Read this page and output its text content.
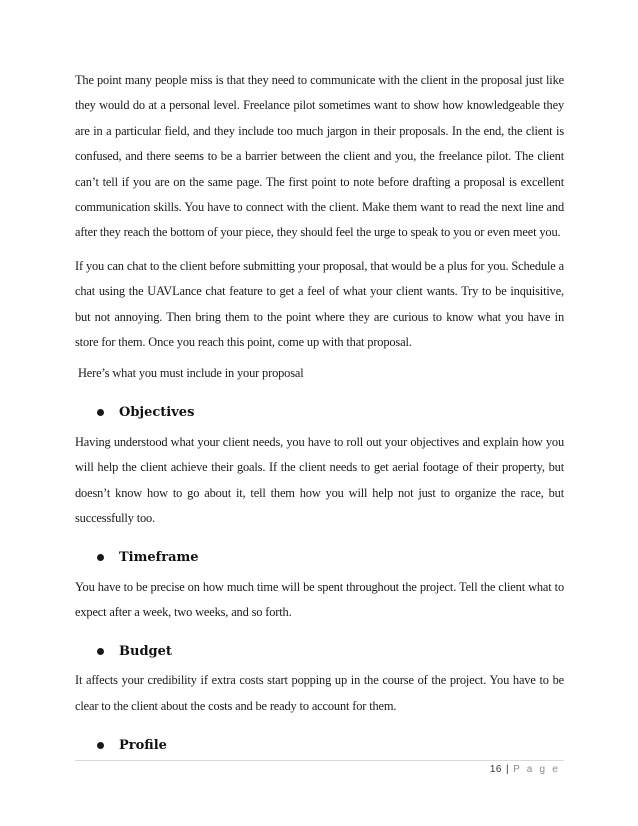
The point many people miss is that they need to communicate with the client in the proposal just like they would do at a personal level. Freelance pilot sometimes want to show how knowledgeable they are in a particular field, and they include too much jargon in their proposals. In the end, the client is confused, and there seems to be a barrier between the client and you, the freelance pilot. The client can’t tell if you are on the same page. The first point to note before drafting a proposal is excellent communication skills. You have to connect with the client. Make them want to read the next line and after they reach the bottom of your piece, they should feel the urge to speak to you or even meet you.

If you can chat to the client before submitting your proposal, that would be a plus for you. Schedule a chat using the UAVLance chat feature to get a feel of what your client wants. Try to be inquisitive, but not annoying. Then bring them to the point where they are curious to know what you have in store for them. Once you reach this point, come up with that proposal.

Here’s what you must include in your proposal

Objectives

Having understood what your client needs, you have to roll out your objectives and explain how you will help the client achieve their goals. If the client needs to get aerial footage of their property, but doesn’t know how to go about it, tell them how you will help not just to organize the race, but successfully too.

Timeframe

You have to be precise on how much time will be spent throughout the project. Tell the client what to expect after a week, two weeks, and so forth.

Budget

It affects your credibility if extra costs start popping up in the course of the project. You have to be clear to the client about the costs and be ready to account for them.

Profile
16 | P a g e
